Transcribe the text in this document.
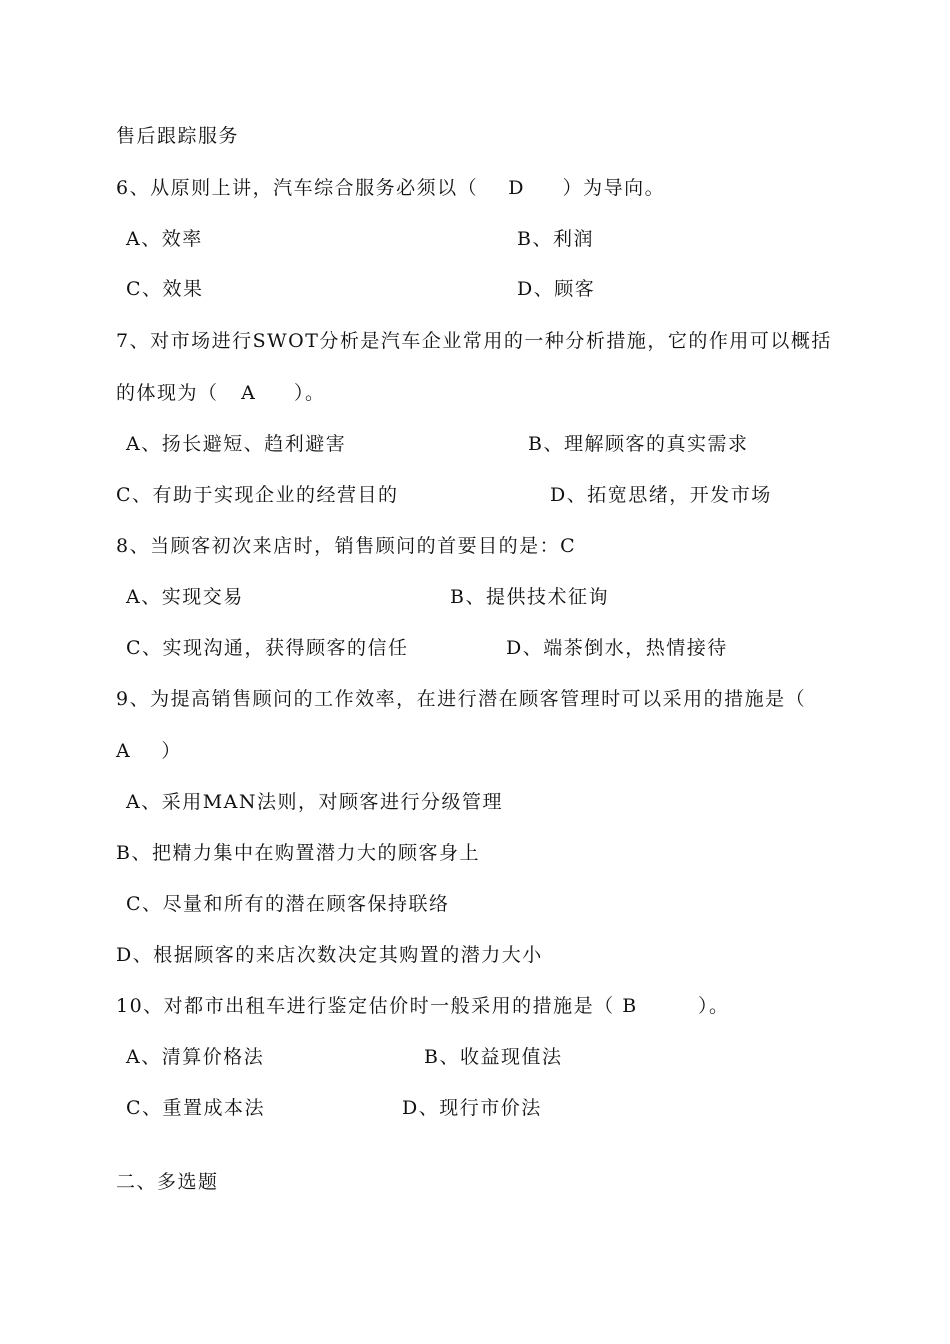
售后跟踪服务
6、从原则上讲，汽车综合服务必须以（    D     ）为导向。
A、效率	B、利润
C、效果	D、顾客
7、对市场进行SWOT分析是汽车企业常用的一种分析措施，它的作用可以概括
的体现为（   A     ）。
A、扬长避短、趋利避害	B、理解顾客的真实需求
C、有助于实现企业的经营目的	D、拓宽思绪，开发市场
8、当顾客初次来店时，销售顾问的首要目的是：C
A、实现交易	B、提供技术征询
C、实现沟通，获得顾客的信任	D、端茶倒水，热情接待
9、为提高销售顾问的工作效率，在进行潜在顾客管理时可以采用的措施是（
A    ）
A、采用MAN法则，对顾客进行分级管理
B、把精力集中在购置潜力大的顾客身上
C、尽量和所有的潜在顾客保持联络
D、根据顾客的来店次数决定其购置的潜力大小
10、对都市出租车进行鉴定估价时一般采用的措施是（ B        ）。
A、清算价格法	B、收益现值法
C、重置成本法	D、现行市价法
二、多选题
